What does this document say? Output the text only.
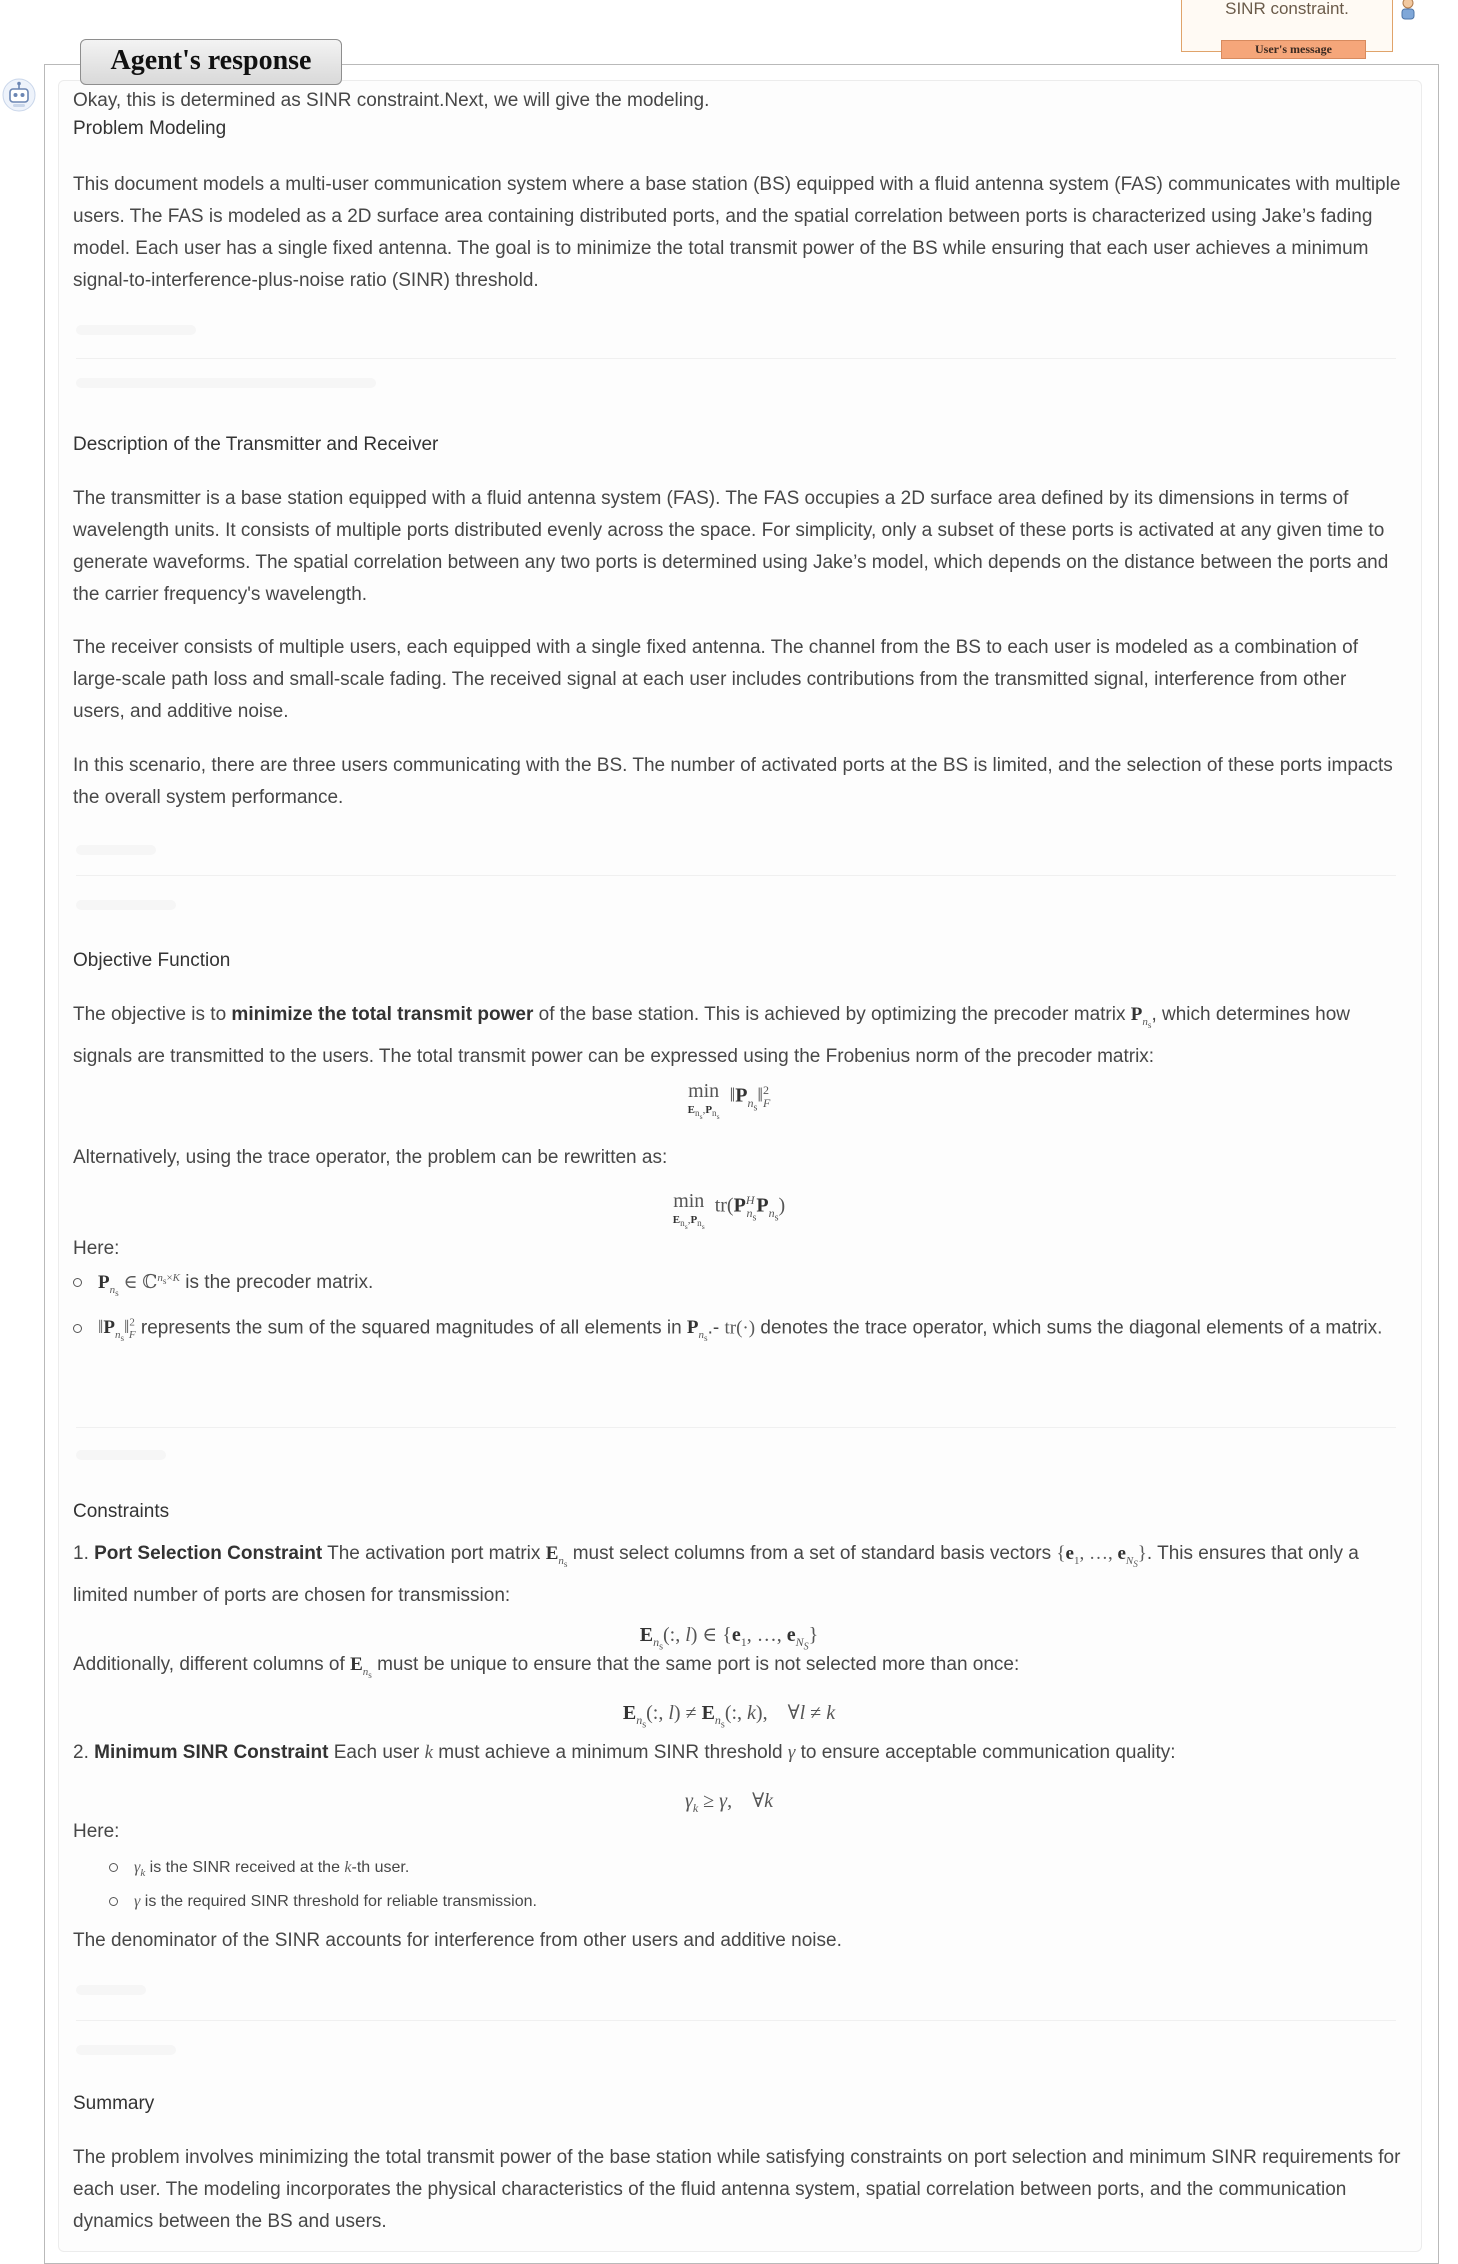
SINR constraint.
User's message
Agent's response
Okay, this is determined as SINR constraint.Next, we will give the modeling.
Problem Modeling
This document models a multi-user communication system where a base station (BS) equipped with a fluid antenna system (FAS) communicates with multiple users. The FAS is modeled as a 2D surface area containing distributed ports, and the spatial correlation between ports is characterized using Jake’s fading model. Each user has a single fixed antenna. The goal is to minimize the total transmit power of the BS while ensuring that each user achieves a minimum signal-to-interference-plus-noise ratio (SINR) threshold.
Description of the Transmitter and Receiver
The transmitter is a base station equipped with a fluid antenna system (FAS). The FAS occupies a 2D surface area defined by its dimensions in terms of wavelength units. It consists of multiple ports distributed evenly across the space. For simplicity, only a subset of these ports is activated at any given time to generate waveforms. The spatial correlation between any two ports is determined using Jake’s model, which depends on the distance between the ports and the carrier frequency's wavelength.
The receiver consists of multiple users, each equipped with a single fixed antenna. The channel from the BS to each user is modeled as a combination of large-scale path loss and small-scale fading. The received signal at each user includes contributions from the transmitted signal, interference from other users, and additive noise.
In this scenario, there are three users communicating with the BS. The number of activated ports at the BS is limited, and the selection of these ports impacts the overall system performance.
Objective Function
The objective is to minimize the total transmit power of the base station. This is achieved by optimizing the precoder matrix $P_{n_s}$, which determines how signals are transmitted to the users. The total transmit power can be expressed using the Frobenius norm of the precoder matrix:
min
$E_{n_s},P_{n_s}$  $‖P_{n_s}‖^2_F$
Alternatively, using the trace operator, the problem can be rewritten as:
min
$E_{n_s},P_{n_s}$  $tr(P^H_{n_s}P_{n_s})$
Here:
$P_{n_s}$ ∈ ℂ$^{n_s\times K}$ is the precoder matrix.
$‖P_{n_s}‖^2_F$ represents the sum of the squared magnitudes of all elements in $P_{n_s}.-$ tr(·) denotes the trace operator, which sums the diagonal elements of a matrix.
Constraints
1. Port Selection Constraint The activation port matrix $E_{n_s}$ must select columns from a set of standard basis vectors {$e_1$, …, $e_{N_S}$}. This ensures that only a limited number of ports are chosen for transmission:
$E_{n_s}$(:, l) ∈ {$e_1$, …, $e_{N_S}$}
Additionally, different columns of $E_{n_s}$ must be unique to ensure that the same port is not selected more than once:
$E_{n_s}$(:, $l) \ne E_{n_s}$(:, k),    ∀l ≠ k
2. Minimum SINR Constraint Each user k must achieve a minimum SINR threshold γ to ensure acceptable communication quality:
$\gamma_k \ge \gamma$,    ∀k
Here:
$\gamma_k$ is the SINR received at the k-th user.
γ is the required SINR threshold for reliable transmission.
The denominator of the SINR accounts for interference from other users and additive noise.
Summary
The problem involves minimizing the total transmit power of the base station while satisfying constraints on port selection and minimum SINR requirements for each user. The modeling incorporates the physical characteristics of the fluid antenna system, spatial correlation between ports, and the communication dynamics between the BS and users.
